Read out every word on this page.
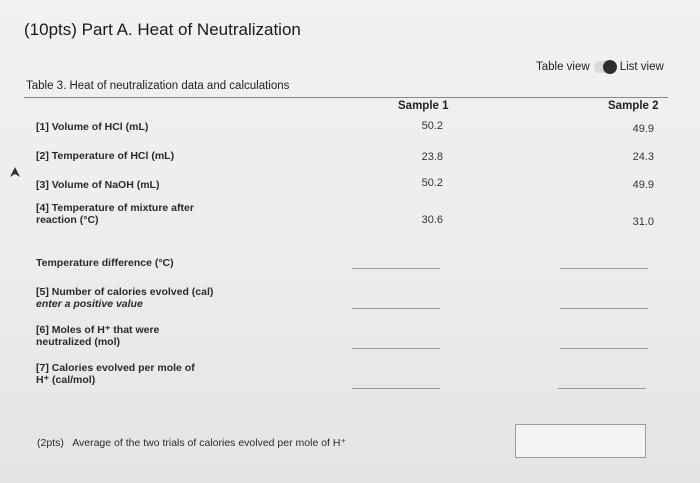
(10pts) Part A. Heat of Neutralization
Table view	List view
Table 3. Heat of neutralization data and calculations
Sample 1	Sample 2
[1] Volume of HCl (mL)	50.2	49.9
[2] Temperature of HCl (mL)	23.8	24.3
[3] Volume of NaOH (mL)	50.2	49.9
[4] Temperature of mixture after
reaction (°C)	30.6	31.0
Temperature difference (°C)
[5] Number of calories evolved (cal)
enter a positive value
[6] Moles of H⁺ that were
neutralized (mol)
[7] Calories evolved per mole of
H⁺ (cal/mol)
(2pts) Average of the two trials of calories evolved per mole of H⁺
